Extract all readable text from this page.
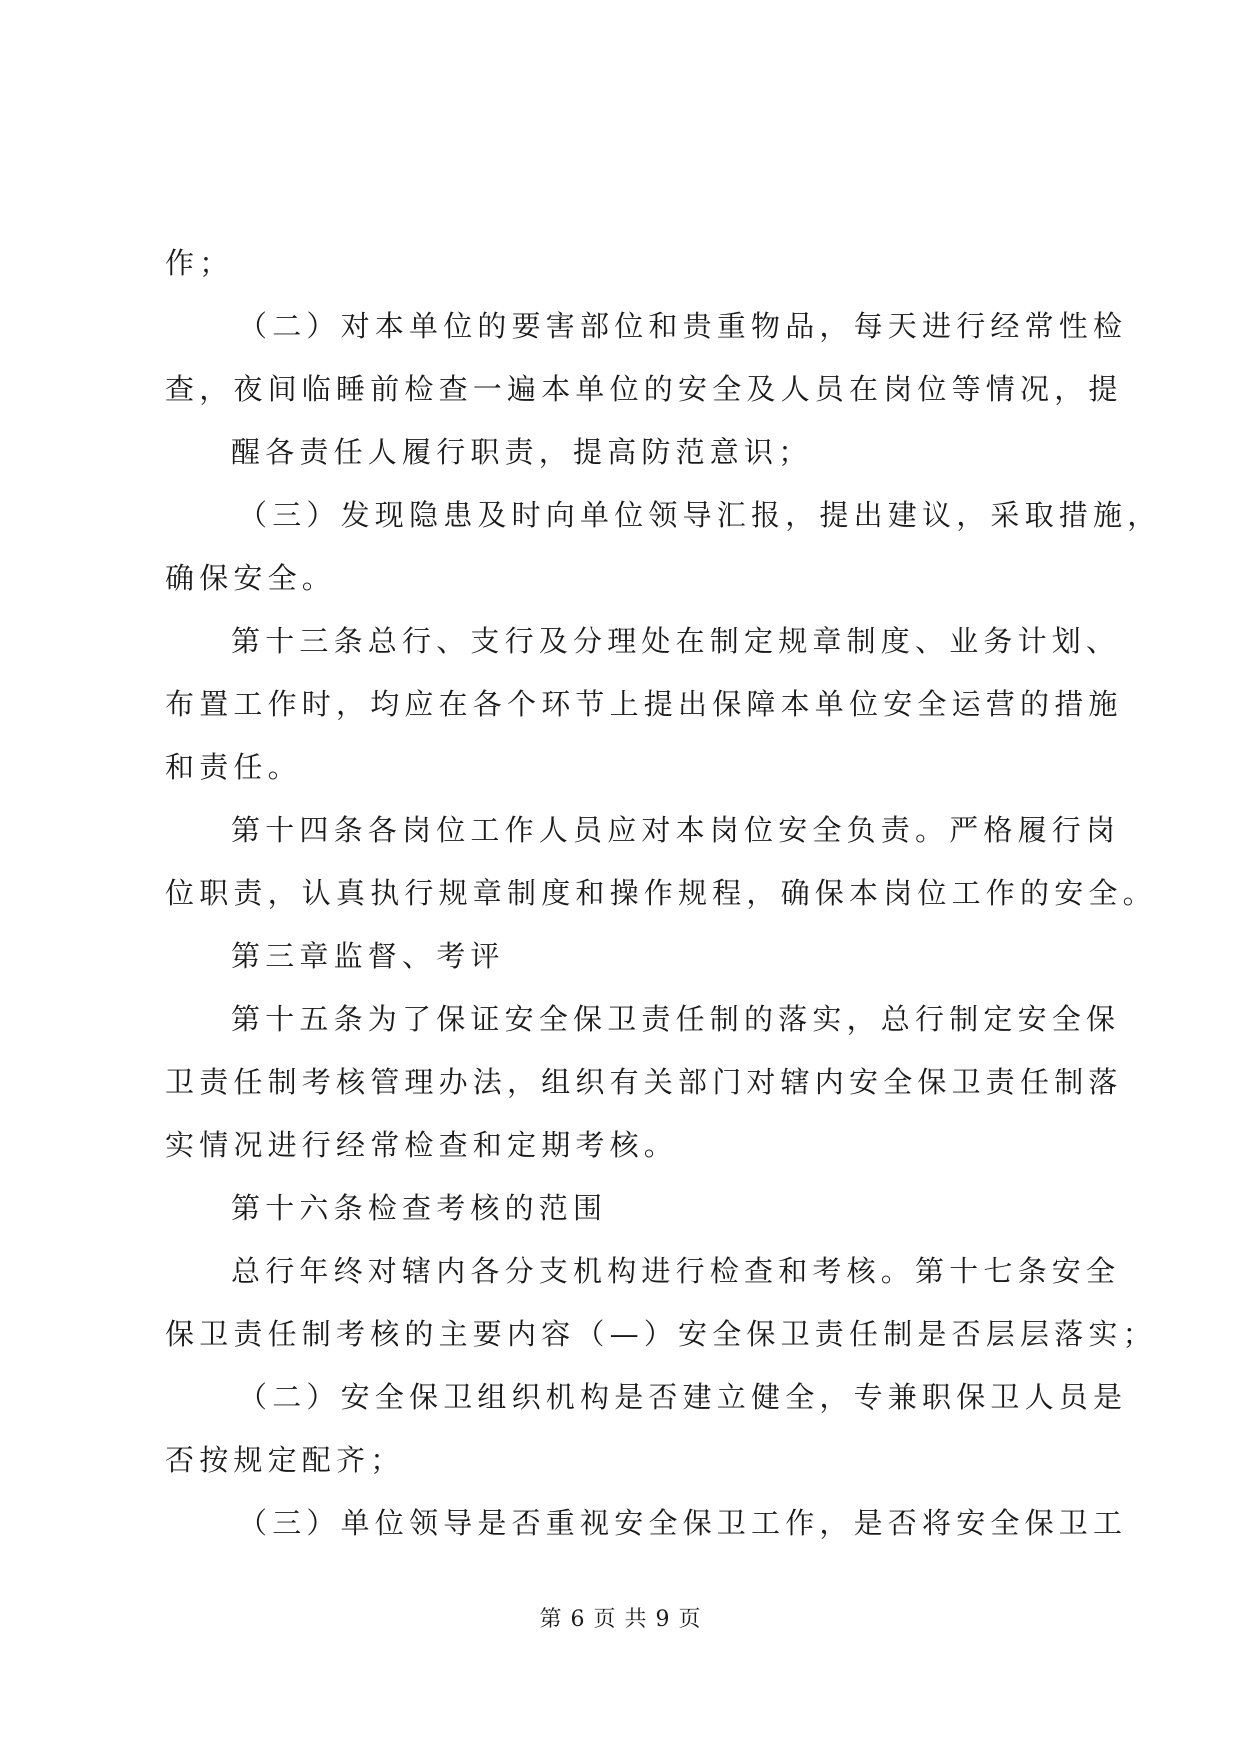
作；
（二）对本单位的要害部位和贵重物品，每天进行经常性检
查，夜间临睡前检查一遍本单位的安全及人员在岗位等情况，提
醒各责任人履行职责，提高防范意识；
（三）发现隐患及时向单位领导汇报，提出建议，采取措施，
确保安全。
第十三条总行、支行及分理处在制定规章制度、业务计划、
布置工作时，均应在各个环节上提出保障本单位安全运营的措施
和责任。
第十四条各岗位工作人员应对本岗位安全负责。严格履行岗
位职责，认真执行规章制度和操作规程，确保本岗位工作的安全。
第三章监督、考评
第十五条为了保证安全保卫责任制的落实，总行制定安全保
卫责任制考核管理办法，组织有关部门对辖内安全保卫责任制落
实情况进行经常检查和定期考核。
第十六条检查考核的范围
总行年终对辖内各分支机构进行检查和考核。第十七条安全
保卫责任制考核的主要内容（—）安全保卫责任制是否层层落实；
（二）安全保卫组织机构是否建立健全，专兼职保卫人员是
否按规定配齐；
（三）单位领导是否重视安全保卫工作，是否将安全保卫工
第 6 页 共 9 页
